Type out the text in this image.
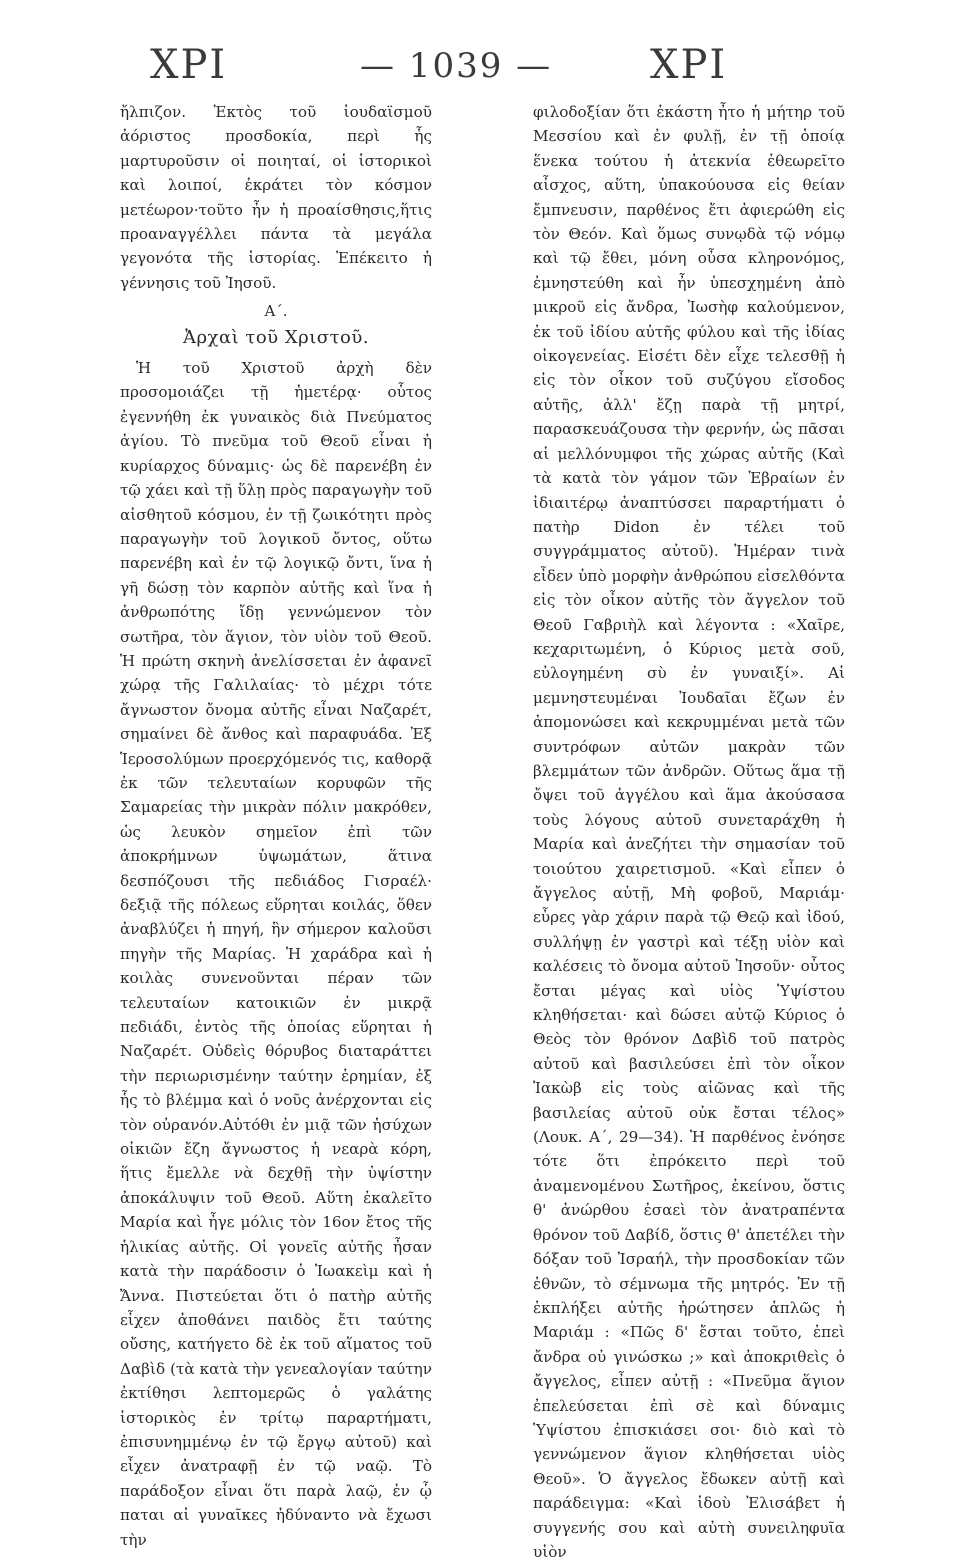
ΧΡΙ	— 1039 — ΧΡΙ

ἤλπιζον. Ἐκτὸς τοῦ ἰουδαϊσμοῦ ἀόριστος προσδοκία, περὶ ἧς μαρτυροῦσιν οἱ ποιηταί, οἱ ἱστορικοὶ καὶ λοιποί, ἐκράτει τὸν κόσμον μετέωρον·τοῦτο ἦν ἡ προαίσθησις,ἥτις προαναγγέλλει πάντα τὰ μεγάλα γεγονότα τῆς ἱστορίας. Ἐπέκειτο ἡ γέννησις τοῦ Ἰησοῦ.

Α΄.
Ἀρχαὶ τοῦ Χριστοῦ.

Ἡ τοῦ Χριστοῦ ἀρχὴ δὲν προσομοιάζει τῇ ἡμετέρᾳ· οὗτος ἐγεννήθη ἐκ γυναικὸς διὰ Πνεύματος ἁγίου. Τὸ πνεῦμα τοῦ Θεοῦ εἶναι ἡ κυρίαρχος δύναμις· ὡς δὲ παρενέβη ἐν τῷ χάει καὶ τῇ ὕλῃ πρὸς παραγωγὴν τοῦ αἰσθητοῦ κόσμου, ἐν τῇ ζωικότητι πρὸς παραγωγὴν τοῦ λογικοῦ ὄντος, οὕτω παρενέβη καὶ ἐν τῷ λογικῷ ὄντι, ἵνα ἡ γῆ δώσῃ τὸν καρπὸν αὐτῆς καὶ ἵνα ἡ ἀνθρωπότης ἴδῃ γεννώμενον τὸν σωτῆρα, τὸν ἅγιον, τὸν υἱὸν τοῦ Θεοῦ. Ἡ πρώτη σκηνὴ ἀνελίσσεται ἐν ἀφανεῖ χώρᾳ τῆς Γαλιλαίας· τὸ μέχρι τότε ἄγνωστον ὄνομα αὐτῆς εἶναι Ναζαρέτ, σημαίνει δὲ ἄνθος καὶ παραφυάδα. Ἐξ Ἱεροσολύμων προερχόμενός τις, καθορᾷ ἐκ τῶν τελευταίων κορυφῶν τῆς Σαμαρείας τὴν μικρὰν πόλιν μακρόθεν, ὡς λευκὸν σημεῖον ἐπὶ τῶν ἀποκρήμνων ὑψωμάτων, ἅτινα δεσπόζουσι τῆς πεδιάδος Γισραέλ· δεξιᾷ τῆς πόλεως εὕρηται κοιλάς, ὅθεν ἀναβλύζει ἡ πηγή, ἣν σήμερον καλοῦσι πηγὴν τῆς Μαρίας. Ἡ χαράδρα καὶ ἡ κοιλὰς συνενοῦνται πέραν τῶν τελευταίων κατοικιῶν ἐν μικρᾷ πεδιάδι, ἐντὸς τῆς ὁποίας εὕρηται ἡ Ναζαρέτ. Οὐδεὶς θόρυβος διαταράττει τὴν περιωρισμένην ταύτην ἐρημίαν, ἐξ ἧς τὸ βλέμμα καὶ ὁ νοῦς ἀνέρχονται εἰς τὸν οὐρανόν.Αὐτόθι ἐν μιᾷ τῶν ἡσύχων οἰκιῶν ἔζη ἄγνωστος ἡ νεαρὰ κόρη, ἥτις ἔμελλε νὰ δεχθῇ τὴν ὑψίστην ἀποκάλυψιν τοῦ Θεοῦ. Αὕτη ἐκαλεῖτο Μαρία καὶ ἦγε μόλις τὸν 16ον ἔτος τῆς ἡλικίας αὐτῆς. Οἱ γονεῖς αὐτῆς ἦσαν κατὰ τὴν παράδοσιν ὁ Ἰωακεὶμ καὶ ἡ Ἄννα. Πιστεύεται ὅτι ὁ πατὴρ αὐτῆς εἶχεν ἀποθάνει παιδὸς ἔτι ταύτης οὔσης, κατήγετο δὲ ἐκ τοῦ αἵματος τοῦ Δαβὶδ (τὰ κατὰ τὴν γενεαλογίαν ταύτην ἐκτίθησι λεπτομερῶς ὁ γαλάτης ἱστορικὸς ἐν τρίτῳ παραρτήματι, ἐπισυνημμένῳ ἐν τῷ ἔργῳ αὐτοῦ) καὶ εἶχεν ἀνατραφῇ ἐν τῷ ναῷ. Τὸ παράδοξον εἶναι ὅτι παρὰ λαῷ, ἐν ᾧ παται αἱ γυναῖκες ἠδύναντο νὰ ἔχωσι τὴν

φιλοδοξίαν ὅτι ἑκάστη ἦτο ἡ μήτηρ τοῦ Μεσσίου καὶ ἐν φυλῇ, ἐν τῇ ὁποίᾳ ἕνεκα τούτου ἡ ἀτεκνία ἐθεωρεῖτο αἶσχος, αὕτη, ὑπακούουσα εἰς θείαν ἔμπνευσιν, παρθένος ἔτι ἀφιερώθη εἰς τὸν Θεόν. Καὶ ὅμως συνῳδὰ τῷ νόμῳ καὶ τῷ ἔθει, μόνη οὖσα κληρονόμος, ἐμνηστεύθη καὶ ἦν ὑπεσχημένη ἀπὸ μικροῦ εἰς ἄνδρα, Ἰωσὴφ καλούμενον, ἐκ τοῦ ἰδίου αὐτῆς φύλου καὶ τῆς ἰδίας οἰκογενείας. Εἰσέτι δὲν εἶχε τελεσθῇ ἡ εἰς τὸν οἶκον τοῦ συζύγου εἴσοδος αὐτῆς, ἀλλ' ἔζῃ παρὰ τῇ μητρί, παρασκευάζουσα τὴν φερνήν, ὡς πᾶσαι αἱ μελλόνυμφοι τῆς χώρας αὐτῆς (Καὶ τὰ κατὰ τὸν γάμον τῶν Ἑβραίων ἐν ἰδιαιτέρῳ ἀναπτύσσει παραρτήματι ὁ πατὴρ Didon ἐν τέλει τοῦ συγγράμματος αὐτοῦ). Ἡμέραν τινὰ εἶδεν ὑπὸ μορφὴν ἀνθρώπου εἰσελθόντα εἰς τὸν οἶκον αὐτῆς τὸν ἄγγελον τοῦ Θεοῦ Γαβριὴλ καὶ λέγοντα : «Χαῖρε, κεχαριτωμένη, ὁ Κύριος μετὰ σοῦ, εὐλογημένη σὺ ἐν γυναιξί». Αἱ μεμνηστευμέναι Ἰουδαῖαι ἔζων ἐν ἀπομονώσει καὶ κεκρυμμέναι μετὰ τῶν συντρόφων αὐτῶν μακρὰν τῶν βλεμμάτων τῶν ἀνδρῶν. Οὕτως ἅμα τῇ ὄψει τοῦ ἀγγέλου καὶ ἅμα ἀκούσασα τοὺς λόγους αὐτοῦ συνεταράχθη ἡ Μαρία καὶ ἀνεζήτει τὴν σημασίαν τοῦ τοιούτου χαιρετισμοῦ. «Καὶ εἶπεν ὁ ἄγγελος αὐτῇ, Μὴ φοβοῦ, Μαριάμ· εὗρες γὰρ χάριν παρὰ τῷ Θεῷ καὶ ἰδού, συλλήψῃ ἐν γαστρὶ καὶ τέξῃ υἱὸν καὶ καλέσεις τὸ ὄνομα αὐτοῦ Ἰησοῦν· οὗτος ἔσται μέγας καὶ υἱὸς Ὑψίστου κληθήσεται· καὶ δώσει αὐτῷ Κύριος ὁ Θεὸς τὸν θρόνον Δαβὶδ τοῦ πατρὸς αὐτοῦ καὶ βασιλεύσει ἐπὶ τὸν οἶκον Ἰακὼβ εἰς τοὺς αἰῶνας καὶ τῆς βασιλείας αὐτοῦ οὐκ ἔσται τέλος» (Λουκ. Α΄, 29—34). Ἡ παρθένος ἐνόησε τότε ὅτι ἐπρόκειτο περὶ τοῦ ἀναμενομένου Σωτῆρος, ἐκείνου, ὅστις θ' ἀνώρθου ἐσαεὶ τὸν ἀνατραπέντα θρόνον τοῦ Δαβίδ, ὅστις θ' ἀπετέλει τὴν δόξαν τοῦ Ἰσραήλ, τὴν προσδοκίαν τῶν ἐθνῶν, τὸ σέμνωμα τῆς μητρός. Ἐν τῇ ἐκπλήξει αὐτῆς ἠρώτησεν ἁπλῶς ἡ Μαριάμ : «Πῶς δ' ἔσται τοῦτο, ἐπεὶ ἄνδρα οὐ γινώσκω ;» καὶ ἀποκριθεὶς ὁ ἄγγελος, εἶπεν αὐτῇ : «Πνεῦμα ἅγιον ἐπελεύσεται ἐπὶ σὲ καὶ δύναμις Ὑψίστου ἐπισκιάσει σοι· διὸ καὶ τὸ γεννώμενον ἅγιον κληθήσεται υἱὸς Θεοῦ». Ὁ ἄγγελος ἔδωκεν αὐτῇ καὶ παράδειγμα: «Καὶ ἰδοὺ Ἐλισάβετ ἡ συγγενής σου καὶ αὐτὴ συνειληφυῖα υἱὸν
